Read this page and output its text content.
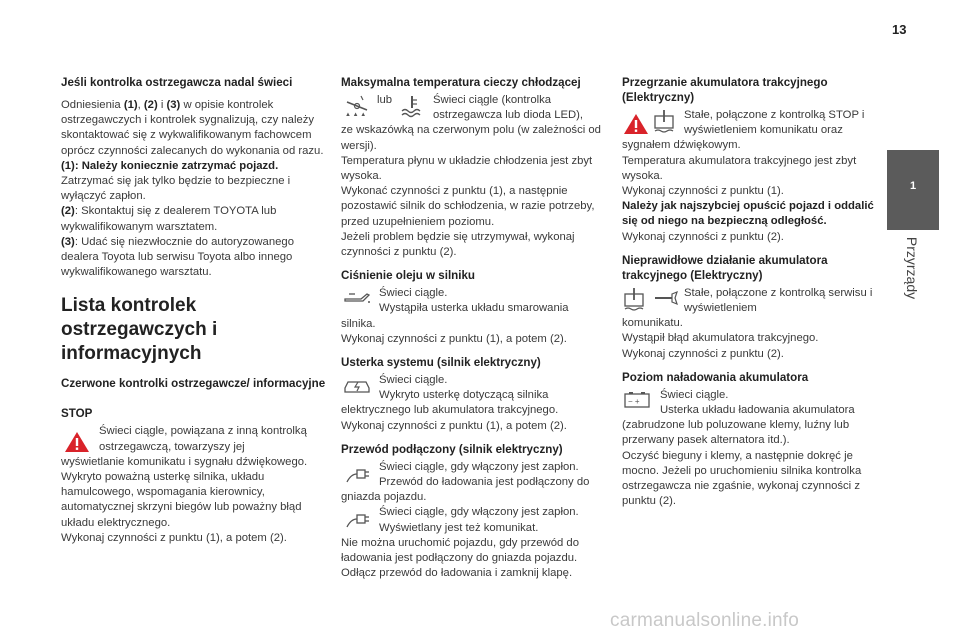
13
1
Przyrządy

Jeśli kontrolka ostrzegawcza nadal świeci

Odniesienia (1), (2) i (3) w opisie kontrolek ostrzegawczych i kontrolek sygnalizują, czy należy skontaktować się z wykwalifikowanym fachowcem oprócz czynności zalecanych do wykonania od razu.

(1): Należy koniecznie zatrzymać pojazd.

Zatrzymać się jak tylko będzie to bezpieczne i wyłączyć zapłon.

(2): Skontaktuj się z dealerem TOYOTA lub wykwalifikowanym warsztatem.

(3): Udać się niezwłocznie do autoryzowanego dealera Toyota lub serwisu Toyota albo innego wykwalifikowanego warsztatu.

Lista kontrolek ostrzegawczych i informacyjnych

Czerwone kontrolki ostrzegawcze/ informacyjne

STOP

Świeci ciągle, powiązana z inną kontrolką ostrzegawczą, towarzyszy jej

wyświetlanie komunikatu i sygnału dźwiękowego.

Wykryto poważną usterkę silnika, układu hamulcowego, wspomagania kierownicy, automatycznej skrzyni biegów lub poważny błąd układu elektrycznego.

Wykonaj czynności z punktu (1), a potem (2).

Maksymalna temperatura cieczy chłodzącej

▲ ▲ ▲
lub	Świeci ciągle (kontrolka ostrzegawcza lub dioda LED),

ze wskazówką na czerwonym polu (w zależności od wersji).

Temperatura płynu w układzie chłodzenia jest zbyt wysoka.

Wykonać czynności z punktu (1), a następnie pozostawić silnik do schłodzenia, w razie potrzeby, przed uzupełnieniem poziomu.

Jeżeli problem będzie się utrzymywał, wykonaj czynności z punktu (2).

Ciśnienie oleju w silniku

Świeci ciągle.

Wystąpiła usterka układu smarowania

silnika.

Wykonaj czynności z punktu (1), a potem (2).

Usterka systemu (silnik elektryczny)

Świeci ciągle.

Wykryto usterkę dotyczącą silnika

elektrycznego lub akumulatora trakcyjnego.

Wykonaj czynności z punktu (1), a potem (2).

Przewód podłączony (silnik elektryczny)

Świeci ciągle, gdy włączony jest zapłon.

Przewód do ładowania jest podłączony do

gniazda pojazdu.

Świeci ciągle, gdy włączony jest zapłon.

Wyświetlany jest też komunikat.

Nie można uruchomić pojazdu, gdy przewód do ładowania jest podłączony do gniazda pojazdu.

Odłącz przewód do ładowania i zamknij klapę.

Przegrzanie akumulatora trakcyjnego (Elektryczny)

Stałe, połączone z kontrolką STOP i wyświetleniem komunikatu oraz

sygnałem dźwiękowym.

Temperatura akumulatora trakcyjnego jest zbyt wysoka.

Wykonaj czynności z punktu (1).

Należy jak najszybciej opuścić pojazd i oddalić się od niego na bezpieczną odległość.

Wykonaj czynności z punktu (2).

Nieprawidłowe działanie akumulatora trakcyjnego (Elektryczny)

Stałe, połączone z kontrolką serwisu i wyświetleniem

komunikatu.

Wystąpił błąd akumulatora trakcyjnego.

Wykonaj czynności z punktu (2).

Poziom naładowania akumulatora

− +

Świeci ciągle.

Usterka układu ładowania akumulatora

(zabrudzone lub poluzowane klemy, luźny lub przerwany pasek alternatora itd.).

Oczyść bieguny i klemy, a następnie dokręć je mocno. Jeżeli po uruchomieniu silnika kontrolka ostrzegawcza nie zgaśnie, wykonaj czynności z punktu (2).

carmanualsonline.info
